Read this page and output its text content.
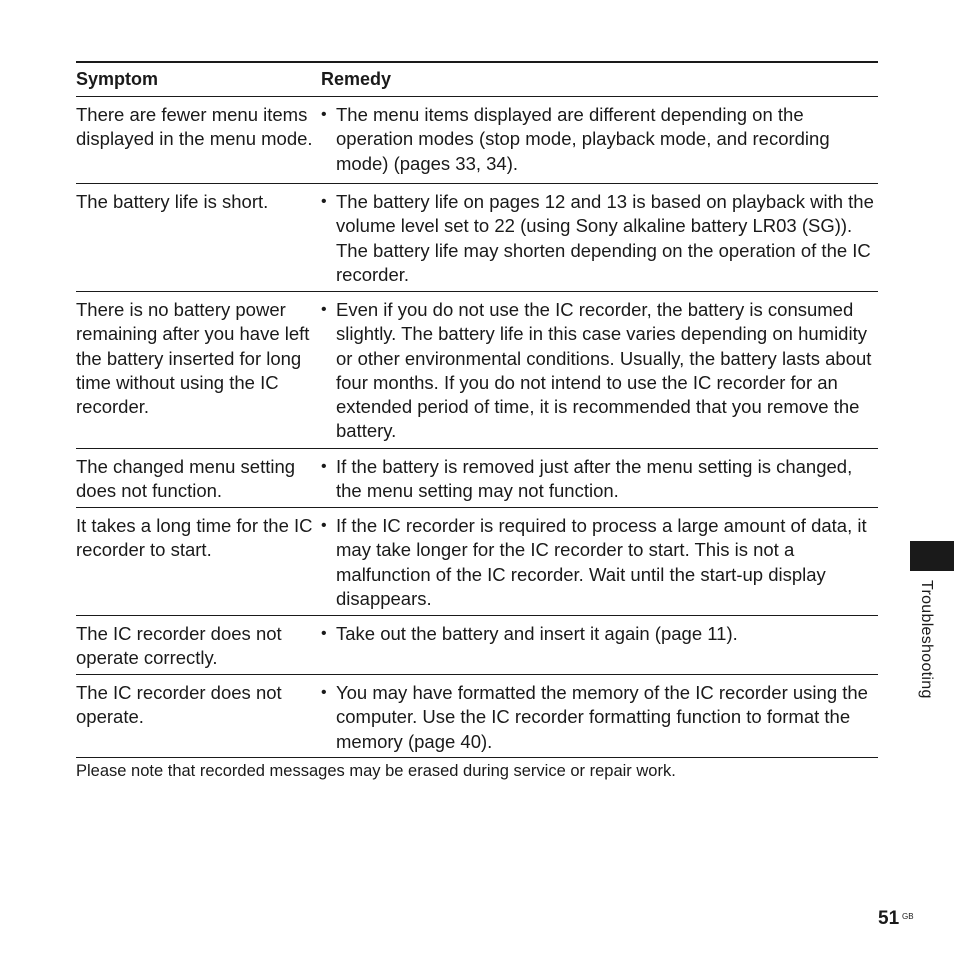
Symptom	Remedy
There are fewer menu items displayed in the menu mode.
• The menu items displayed are different depending on the operation modes (stop mode, playback mode, and recording mode) (pages 33, 34).
The battery life is short.	• The battery life on pages 12 and 13 is based on playback with the volume level set to 22 (using Sony alkaline battery LR03 (SG)). The battery life may shorten depending on the operation of the IC recorder.
There is no battery power remaining after you have left the battery inserted for long time without using the IC recorder.
• Even if you do not use the IC recorder, the battery is consumed slightly. The battery life in this case varies depending on humidity or other environmental conditions. Usually, the battery lasts about four months. If you do not intend to use the IC recorder for an extended period of time, it is recommended that you remove the battery.
The changed menu setting does not function.
• If the battery is removed just after the menu setting is changed, the menu setting may not function.
It takes a long time for the IC recorder to start.
• If the IC recorder is required to process a large amount of data, it may take longer for the IC recorder to start. This is not a malfunction of the IC recorder. Wait until the start-up display disappears.
The IC recorder does not operate correctly.
• Take out the battery and insert it again (page 11).
The IC recorder does not operate.
• You may have formatted the memory of the IC recorder using the computer. Use the IC recorder formatting function to format the memory (page 40).
Please note that recorded messages may be erased during service or repair work.
Troubleshooting
51 GB
